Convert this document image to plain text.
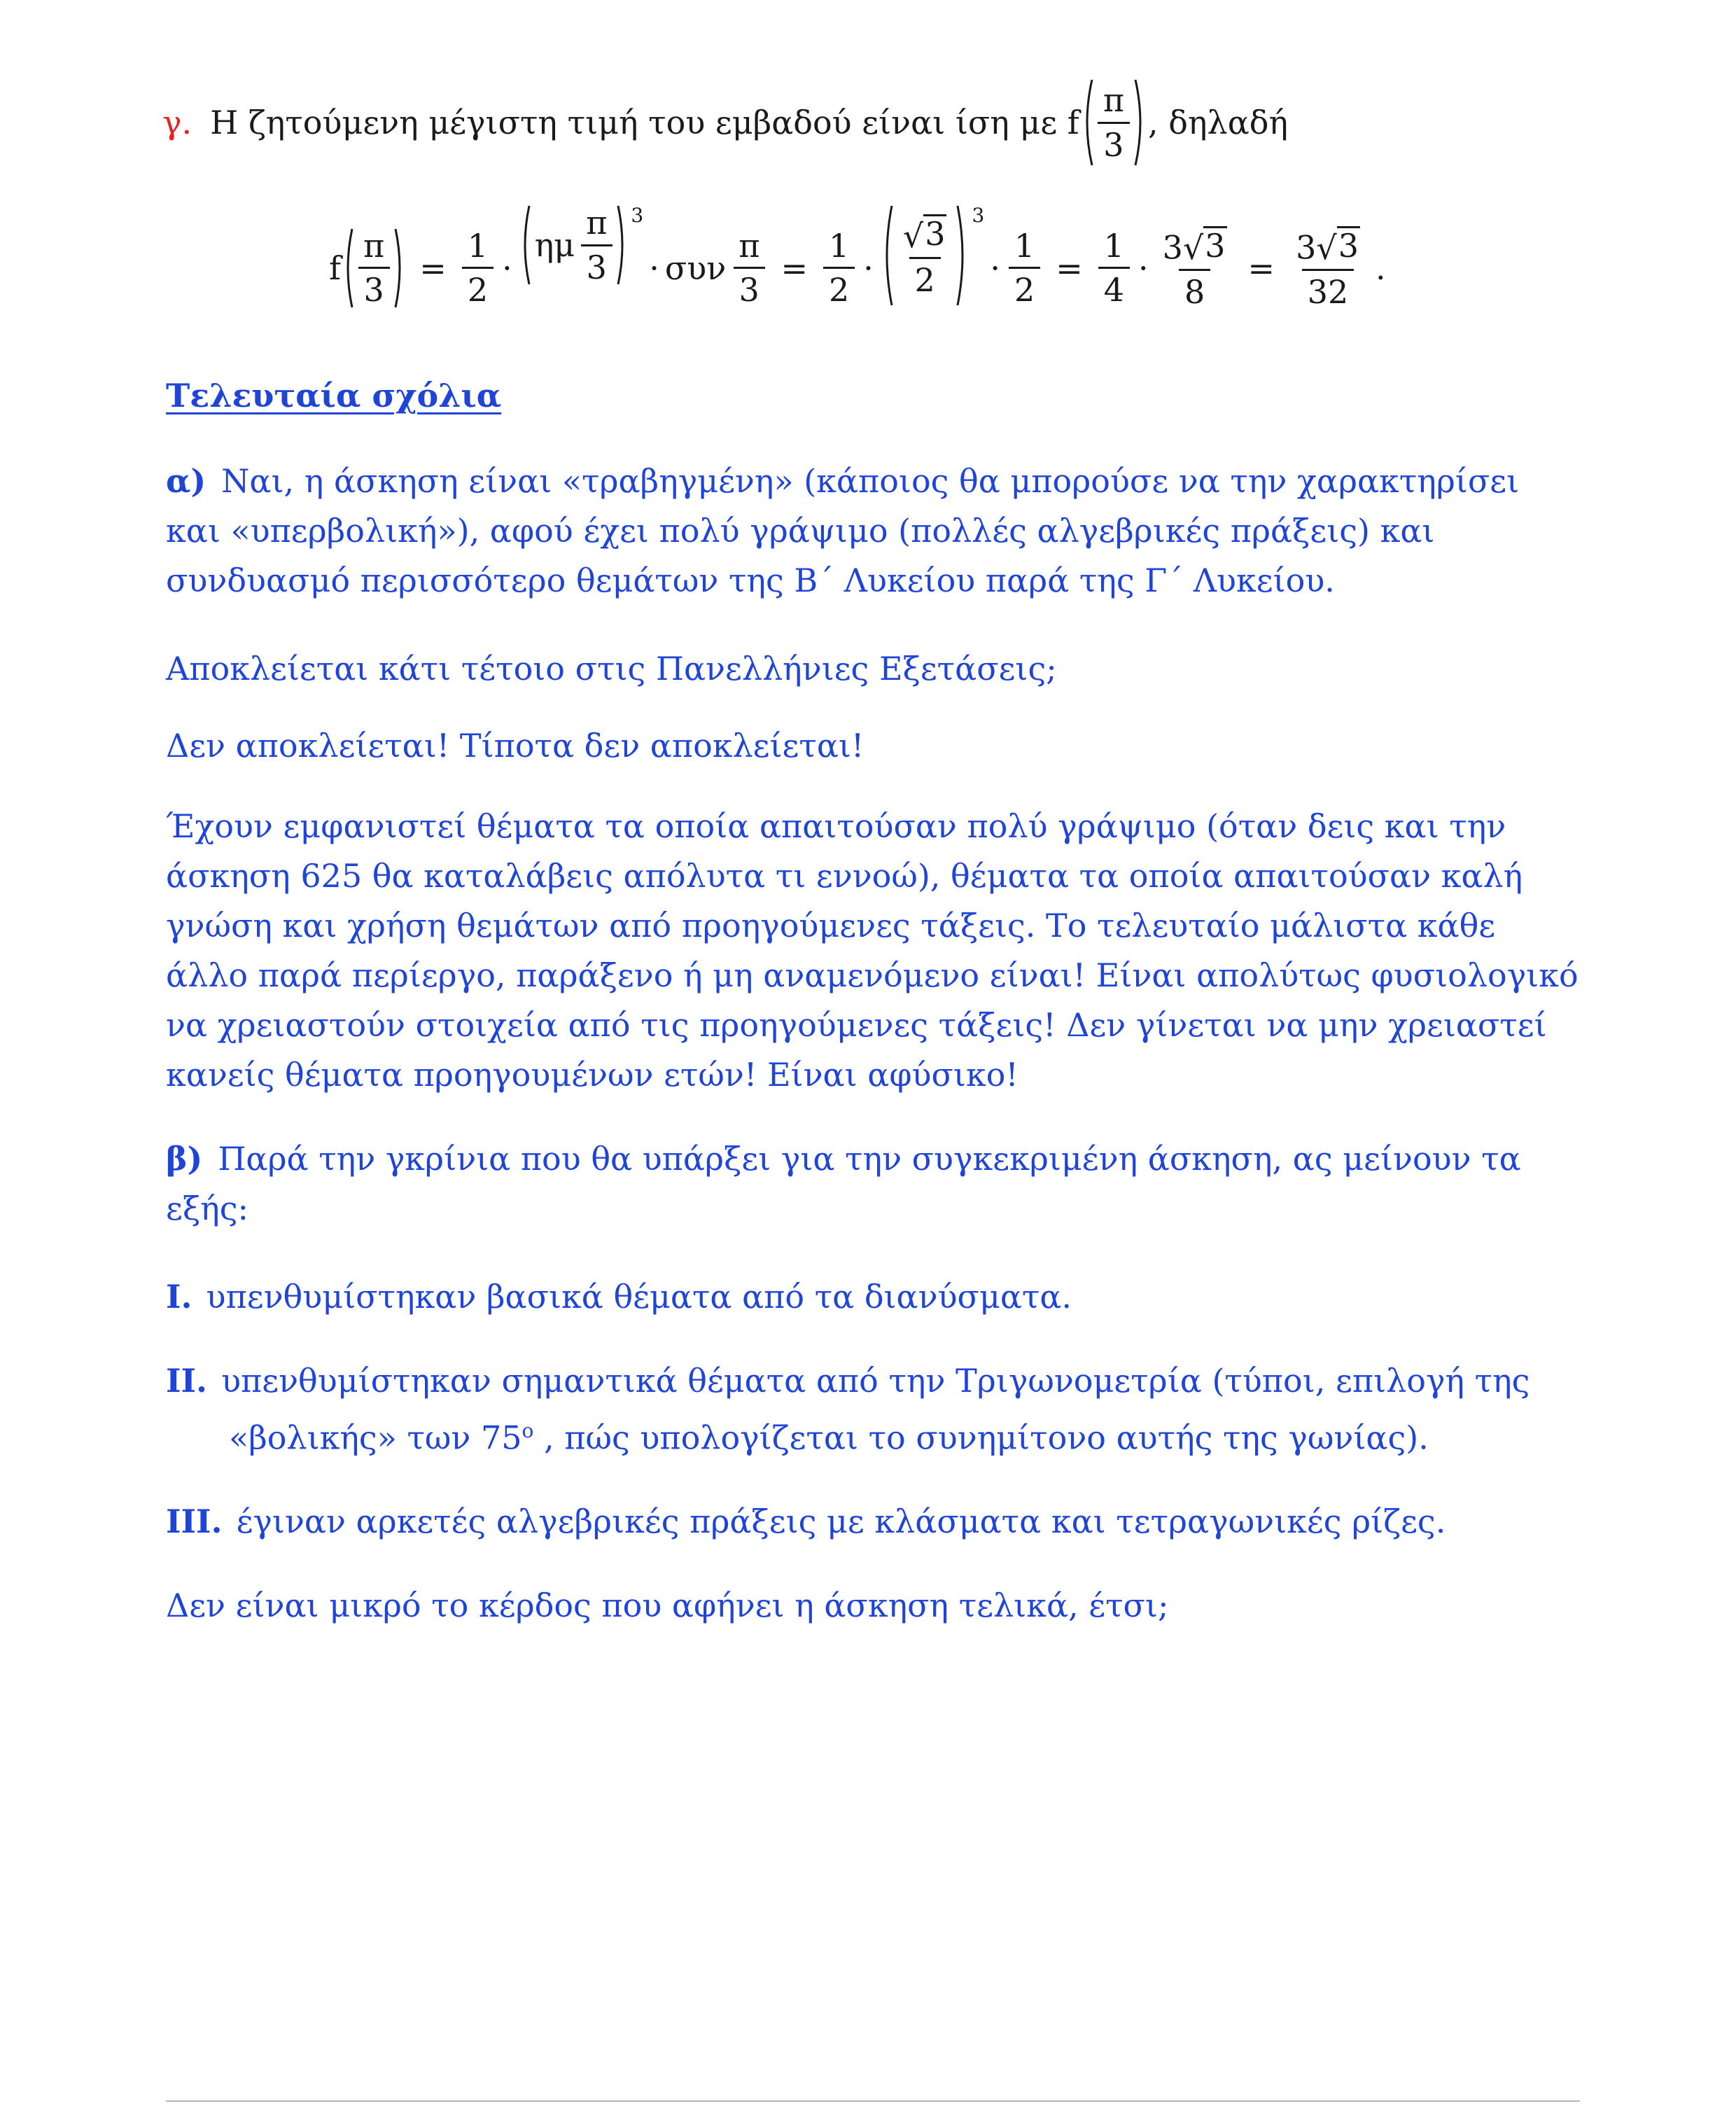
γ. Η ζητούμενη μέγιστη τιμή του εμβαδού είναι ίση με f $\frac{\pi}{3}$ , δηλαδή
f $\frac{\pi}{3} = \frac{1}{2}$ ·
ημ $\frac{\pi}{3} ^3$
· συν $\frac{\pi}{3} = \frac{1}{2} \cdot \frac{√ 3}{2} ^3$
· $\frac{1}{2} = \frac{1}{4} \cdot \frac{3 √ 3}{8} = \frac{3 √ 3}{32}$ .
Τελευταία σχόλια
α) Ναι, η άσκηση είναι «τραβηγμένη» (κάποιος θα μπορούσε να την χαρακτηρίσει και «υπερβολική»), αφού έχει πολύ γράψιμο (πολλές αλγεβρικές πράξεις) και συνδυασμό περισσότερο θεμάτων της Β΄ Λυκείου παρά της Γ΄ Λυκείου.
Αποκλείεται κάτι τέτοιο στις Πανελλήνιες Εξετάσεις;
Δεν αποκλείεται! Τίποτα δεν αποκλείεται!
Έχουν εμφανιστεί θέματα τα οποία απαιτούσαν πολύ γράψιμο (όταν δεις και την άσκηση 625 θα καταλάβεις απόλυτα τι εννοώ), θέματα τα οποία απαιτούσαν καλή γνώση και χρήση θεμάτων από προηγούμενες τάξεις. Το τελευταίο μάλιστα κάθε άλλο παρά περίεργο, παράξενο ή μη αναμενόμενο είναι! Είναι απολύτως φυσιολογικό να χρειαστούν στοιχεία από τις προηγούμενες τάξεις! Δεν γίνεται να μην χρειαστεί κανείς θέματα προηγουμένων ετών! Είναι αφύσικο!
β) Παρά την γκρίνια που θα υπάρξει για την συγκεκριμένη άσκηση, ας μείνουν τα εξής:
Ι. υπενθυμίστηκαν βασικά θέματα από τα διανύσματα.
ΙΙ. υπενθυμίστηκαν σημαντικά θέματα από την Τριγωνομετρία (τύποι, επιλογή της «βολικής» των $75^o$ , πώς υπολογίζεται το συνημίτονο αυτής της γωνίας).
ΙΙΙ. έγιναν αρκετές αλγεβρικές πράξεις με κλάσματα και τετραγωνικές ρίζες.
Δεν είναι μικρό το κέρδος που αφήνει η άσκηση τελικά, έτσι;
